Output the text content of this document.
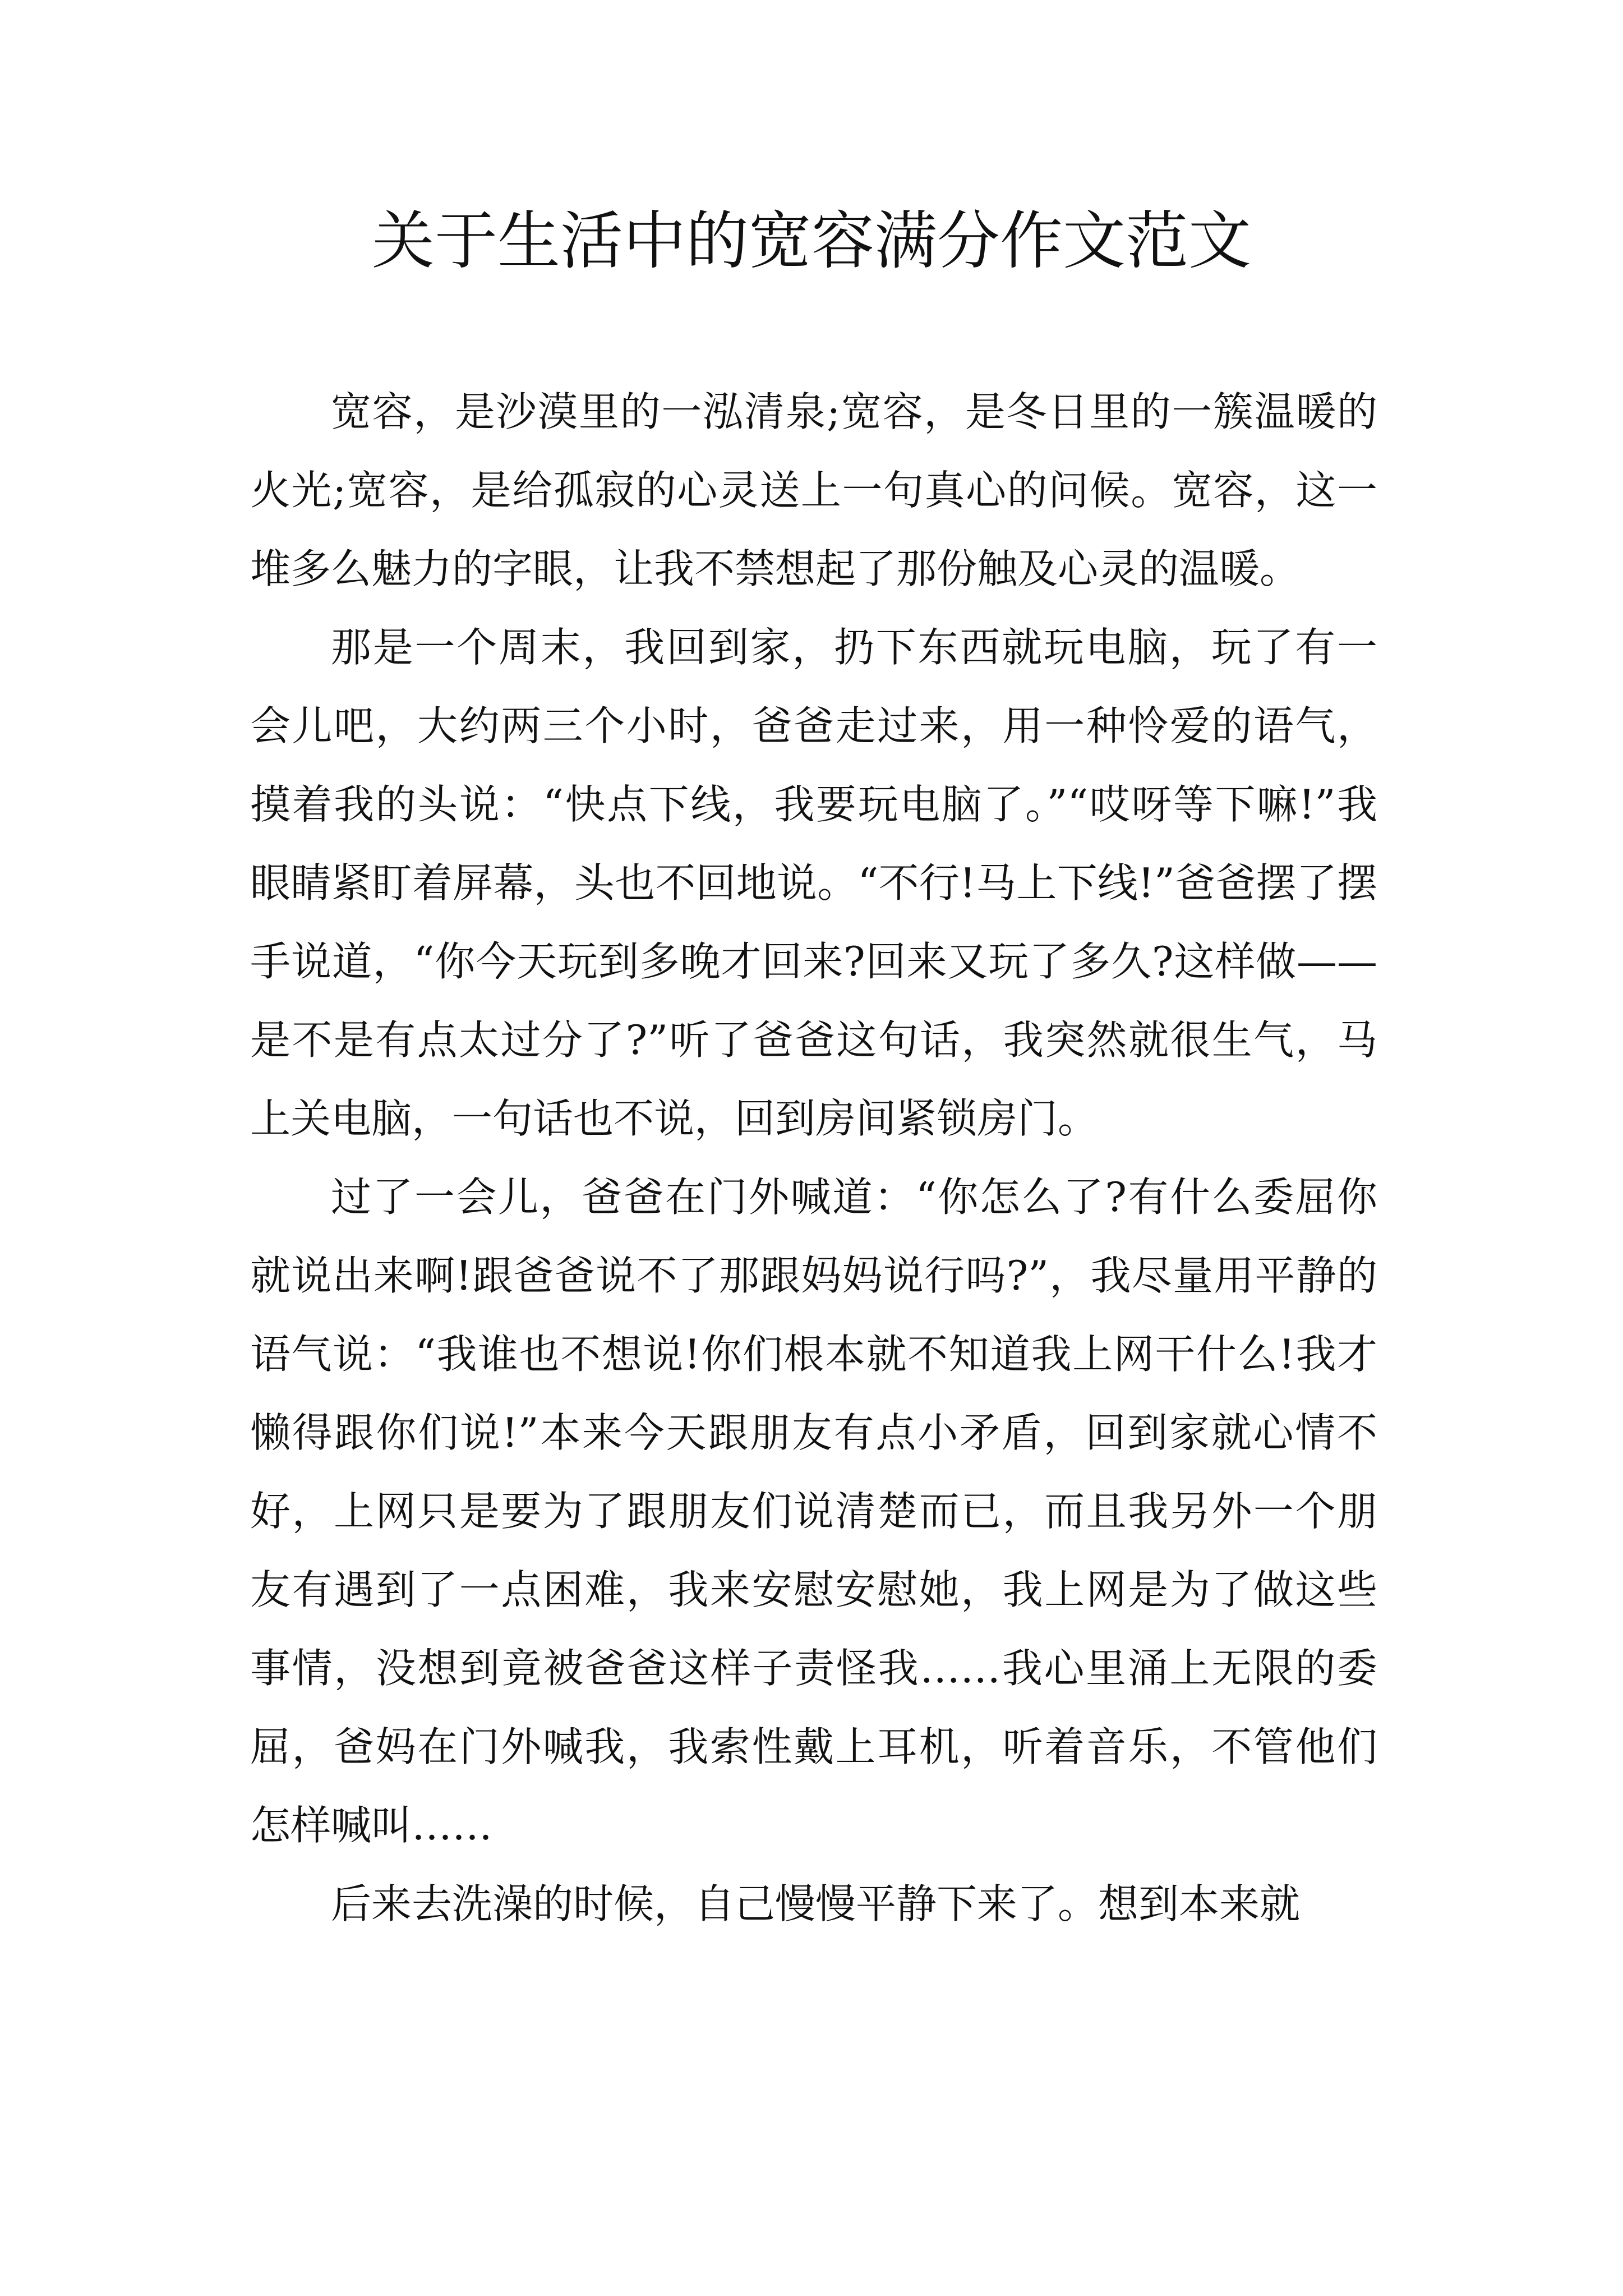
关于生活中的宽容满分作文范文

宽容，是沙漠里的一泓清泉;宽容，是冬日里的一簇温暖的火光;宽容，是给孤寂的心灵送上一句真心的问候。宽容，这一堆多么魅力的字眼，让我不禁想起了那份触及心灵的温暖。

那是一个周末，我回到家，扔下东西就玩电脑，玩了有一会儿吧，大约两三个小时，爸爸走过来，用一种怜爱的语气，摸着我的头说：“快点下线，我要玩电脑了。”“哎呀等下嘛!”我眼睛紧盯着屏幕，头也不回地说。“不行!马上下线!”爸爸摆了摆手说道，“你今天玩到多晚才回来?回来又玩了多久?这样做——是不是有点太过分了?”听了爸爸这句话，我突然就很生气，马上关电脑，一句话也不说，回到房间紧锁房门。

过了一会儿，爸爸在门外喊道：“你怎么了?有什么委屈你就说出来啊!跟爸爸说不了那跟妈妈说行吗?”，我尽量用平静的语气说：“我谁也不想说!你们根本就不知道我上网干什么!我才懒得跟你们说!”本来今天跟朋友有点小矛盾，回到家就心情不好，上网只是要为了跟朋友们说清楚而已，而且我另外一个朋友有遇到了一点困难，我来安慰安慰她，我上网是为了做这些事情，没想到竟被爸爸这样子责怪我……我心里涌上无限的委屈，爸妈在门外喊我，我索性戴上耳机，听着音乐，不管他们怎样喊叫……

后来去洗澡的时候，自己慢慢平静下来了。想到本来就
